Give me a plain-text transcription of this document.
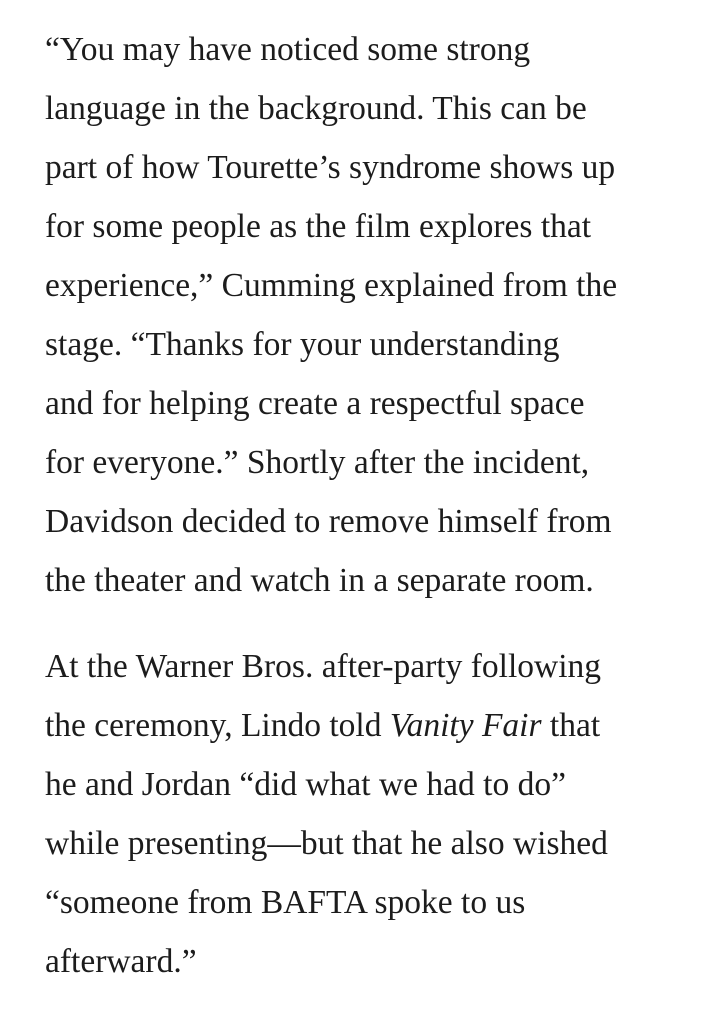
“You may have noticed some strong
language in the background. This can be
part of how Tourette’s syndrome shows up
for some people as the film explores that
experience,” Cumming explained from the
stage. “Thanks for your understanding
and for helping create a respectful space
for everyone.” Shortly after the incident,
Davidson decided to remove himself from
the theater and watch in a separate room.

At the Warner Bros. after-party following
the ceremony, Lindo told Vanity Fair that
he and Jordan “did what we had to do”
while presenting—but that he also wished
“someone from BAFTA spoke to us
afterward.”
